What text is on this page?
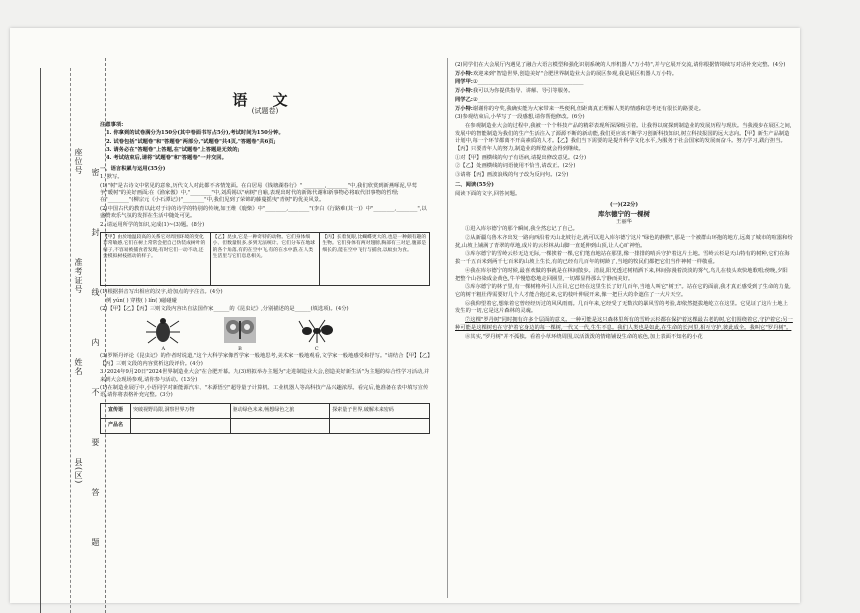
座位号
准考证号
姓名
县(区)
密
封
线
内
不
要
答
题
语 文
(试题卷)
注意事项:
1. 你拿到的试卷满分为150分(其中卷面书写占5分),考试时间为150分钟。
2. 试卷包括"试题卷"和"答题卷"两部分,"试题卷"共4页,"答题卷"共6页;
3. 请务必在"答题卷"上答题,在"试题卷"上答题是无效的;
4. 考试结束后,请将"试题卷"和"答题卷"一并交回。
一、语言积累与运用(35分)
1. 默写。
(1)"树"是古诗文中常见的意象,历代文人对此都不吝情笼面。在白居易《钱塘湖春行》" ________,________"中,我们欣赏到新燕啄泥,早莺争"暖树"的美好画面;在《渔家傲》中,"________"中,刘禹锡以"病树"自喻,表现出时代的新陈代谢和新事物必将取代旧事物的哲理;在"________"(柳宗元《小石潭记》)"________"中,我们见到了荣锦的藤蔓摇曳"青树"的优美风景。
(2)中国古代的教育以此对于诗的诗学的特别的传统,如王维《鹿柴》中"________,________"(李白《行路难(其一)》中"________,________",以盛赞欢乐气氛的发挥在生活中随处可见。
2. 请运用所学的知识,完成(1)~(3)题。(8分)
【甲】由於地温较高的关系它对周围环境的变化非常敏感,它们在树上常常会把自己伪装成树叶的样子,不容易被捕食者发现;有时它们一动不动,还会模拟树枝摇动的样子。
【乙】昆虫,它是一种奇特的动物。它们身体细小、但数量很多,多到无法统计。它们分布在地球的各个角落,有的在空中飞,有的在水中游,在人类生活里与它们息息相关。
【丙】长着复眼,比蝴蝶更大的,也是一种颇有趣的生物。它们身体有两对翅膀,胸部有三对足,腹部是细长的,能在空中飞行与捕食,以蚊虫为食。
(1)根据拼音写出相应的汉字,给加点的字注音。(4分)
例 yún( ) 穿梭( ) lín( )磁碰碰
(2)【甲】【乙】【丙】三则文段内容出自法国作家______的《昆虫记》,分别描述的是______(填选项)。(4分)
A	B	C
(3)罗斯丹评论《昆虫记》的作者时说道,"这个大科学家像哲学家一般地思考,美术家一般地观看,文学家一般地感受和抒写。"请结合【甲】【乙】【丙】三则文段的内容赏析这段评价。(4分)
3. 2024年9月20日"2024世界制造业大会"在合肥开幕。九(3)班拟举办主题为"走进制造业大会,创造美好新生活"为主题的综合性学习活动,并来到大会现场参观,请你参与活动。(13分)
(1)在制造业展厅中,小语同学对新能源汽车、"本源悟空"超导量子计算机、工业机器人等高科技产品兴趣浓厚。看完后,他准备在表中填写宣传语,请你将表格补充完整。(3分)
宣传语	突破视野局限,洞察世界万物	驱动绿色未来,畅想绿色之旅	探索量子世界,破解未来密码
产品名			
(2)同学们在大会展厅内遇见了融合大语言模型和强化识别系统的人形机器人"万小特",并与它展开交流,请你根据情境续写对话补充完整。(4分)
万小特:欢迎来到"智造世界,创造美好"合肥世界制造业大会的展区参观,我是展区机器人万小特。
同学甲:①________________________________________
万小特:我可以为你提供指导、讲解、导引等服务。
同学乙:②________________________________________
万小特:谢谢你的夸奖,我确实能为大家带来一些便利,但距离真正理解人类的情感和思考还有很长的路要走。
(3)参观结束后,小华写了一段感想,请你帮他修改。(6分)
在参观制造业大会的过程中,我被一个个科技产品的精彩表现所深深吸引着。让我得以窥探到制造业的发展历程与现状。当我漫步在展区之间,发展中的智能制造为我们的生产生活注入了源源不断的新动能,我们更应该不断学习创新科技知识,树立科技报国的远大志向。【甲】新生产品制造计划中,每一个环节都离不开高素质的人才。【乙】我们当下需要的是提升科学文化水平,为服务于社会国家的发展而奋斗。努力学习,践行担当。【丙】只要青年人的努力,制造业的辉煌就会得到继续。
①对【甲】画横线的句子有语病,请提出修改意见。(2分)
②【乙】处画横线的词语使用不恰当,请改正。(2分)
③请将【丙】画波浪线的句子改为反问句。(2分)
二、阅读(55分)
阅读下面的文字,回答问题。
(一)(22分)
库尔德宁的一棵树
王丽华
①进入库尔德宁的那个瞬间,我全然忘记了自己。
②从新疆乌鲁木齐出发一路向西沿着天山北坡行走,就可以进入库尔德宁这片"绿色的静默",那是一个被群山环抱的地方,远离了城市的喧嚣和纷扰,山坡上铺满了青翠的草地,成片的云杉林从山脚一直延伸到山顶,让人心旷神怡。
③库尔德宁的雪岭云杉无边无际,一棵挨着一棵,它们笔直地站在那里,像一排排的哨兵守护着这片土地。雪岭云杉是天山特有的树种,它们在海拔一千五百米到两千七百米的山坡上生长,有的已经有几百年的树龄了,当地的牧民们都把它们当作神树一样敬重。
④我在库尔德宁的时候,最喜欢做的事就是在林间散步。清晨,阳光透过树梢洒下来,林间弥漫着淡淡的雾气,鸟儿在枝头欢快地歌唱;傍晚,夕阳把整个山谷染成金黄色,牛羊慢悠悠地走回圈里,一切都显得那么宁静而美好。
⑤库尔德宁的林子里,有一棵树格外引人注目,它已经在这里生长了好几百年,当地人叫它"树王"。站在它的面前,我才真正感受到了生命的力量,它的树干粗壮得需要好几个人才能合抱过来,它的枝叶伸展开来,像一把巨大的伞遮住了一大片天空。
⑥我仰望着它,想象着它曾经经历过的风风雨雨。几百年来,它经受了无数次的暴风雪的考验,却依然挺拔地屹立在这里。它见证了这片土地上发生的一切,它是这片森林的灵魂。
⑦这棵"罗丹树"同时拥有许多个层面的意义。一种可能是这只森林里所有的雪岭云杉都在保护着这棵最古老的树,它们围绕着它,守护着它;另一种可能是这棵树也在守护着它身边的每一棵树,一代又一代,生生不息。我们人类也是如此,在生命的长河里,相互守护,彼此成全。我叫它"罗丹树"。
⑧其实,"罗丹树"并不孤独。看着小草环绕周围,以活泼泼的情绪铺设生命的底色,加上表面不知名的小花
